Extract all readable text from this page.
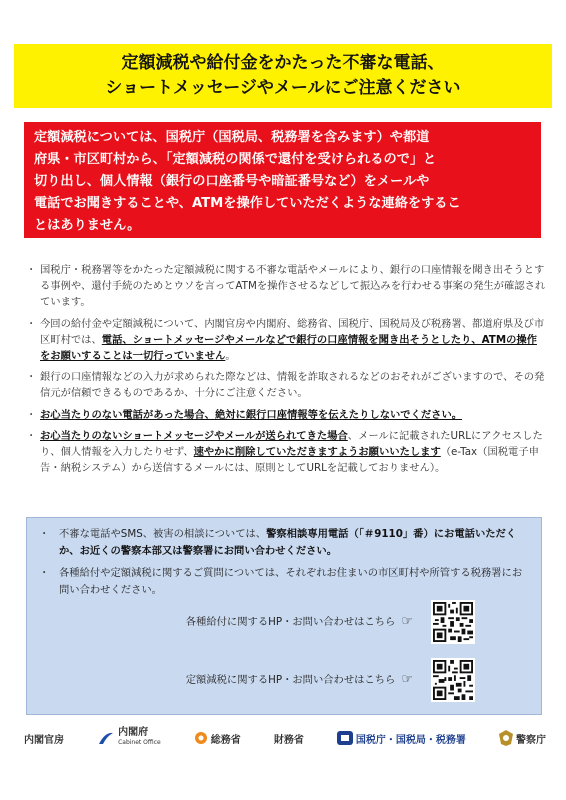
定額減税や給付金をかたった不審な電話、
ショートメッセージやメールにご注意ください
定額減税については、国税庁（国税局、税務署を含みます）や都道
府県・市区町村から、「定額減税の関係で還付を受けられるので」と
切り出し、個人情報（銀行の口座番号や暗証番号など）をメールや
電話でお聞きすることや、ATMを操作していただくような連絡をするこ
とはありません。
・ 国税庁・税務署等をかたった定額減税に関する不審な電話やメールにより、銀行の口座情報を聞き出そうとする事例や、還付手続のためとウソを言ってATMを操作させるなどして振込みを行わせる事案の発生が確認されています。
・ 今回の給付金や定額減税について、内閣官房や内閣府、総務省、国税庁、国税局及び税務署、都道府県及び市区町村では、電話、ショートメッセージやメールなどで銀行の口座情報を聞き出そうとしたり、ATMの操作をお願いすることは一切行っていません。
・ 銀行の口座情報などの入力が求められた際などは、情報を詐取されるなどのおそれがございますので、その発信元が信頼できるものであるか、十分にご注意ください。
・ お心当たりのない電話があった場合、絶対に銀行口座情報等を伝えたりしないでください。
・ お心当たりのないショートメッセージやメールが送られてきた場合、メールに記載されたURLにアクセスしたり、個人情報を入力したりせず、速やかに削除していただきますようお願いいたします（e-Tax（国税電子申告・納税システム）から送信するメールには、原則としてURLを記載しておりません）。
・ 不審な電話やSMS、被害の相談については、警察相談専用電話（「＃9110」番）にお電話いただくか、お近くの警察本部又は警察署にお問い合わせください。
・ 各種給付や定額減税に関するご質問については、それぞれお住まいの市区町村や所管する税務署にお問い合わせください。
各種給付に関するHP・お問い合わせはこちら ☞
定額減税に関するHP・お問い合わせはこちら ☞
内閣官房
内閣府
Cabinet Office	総務省	財務省	国税庁・国税局・税務署	警察庁
